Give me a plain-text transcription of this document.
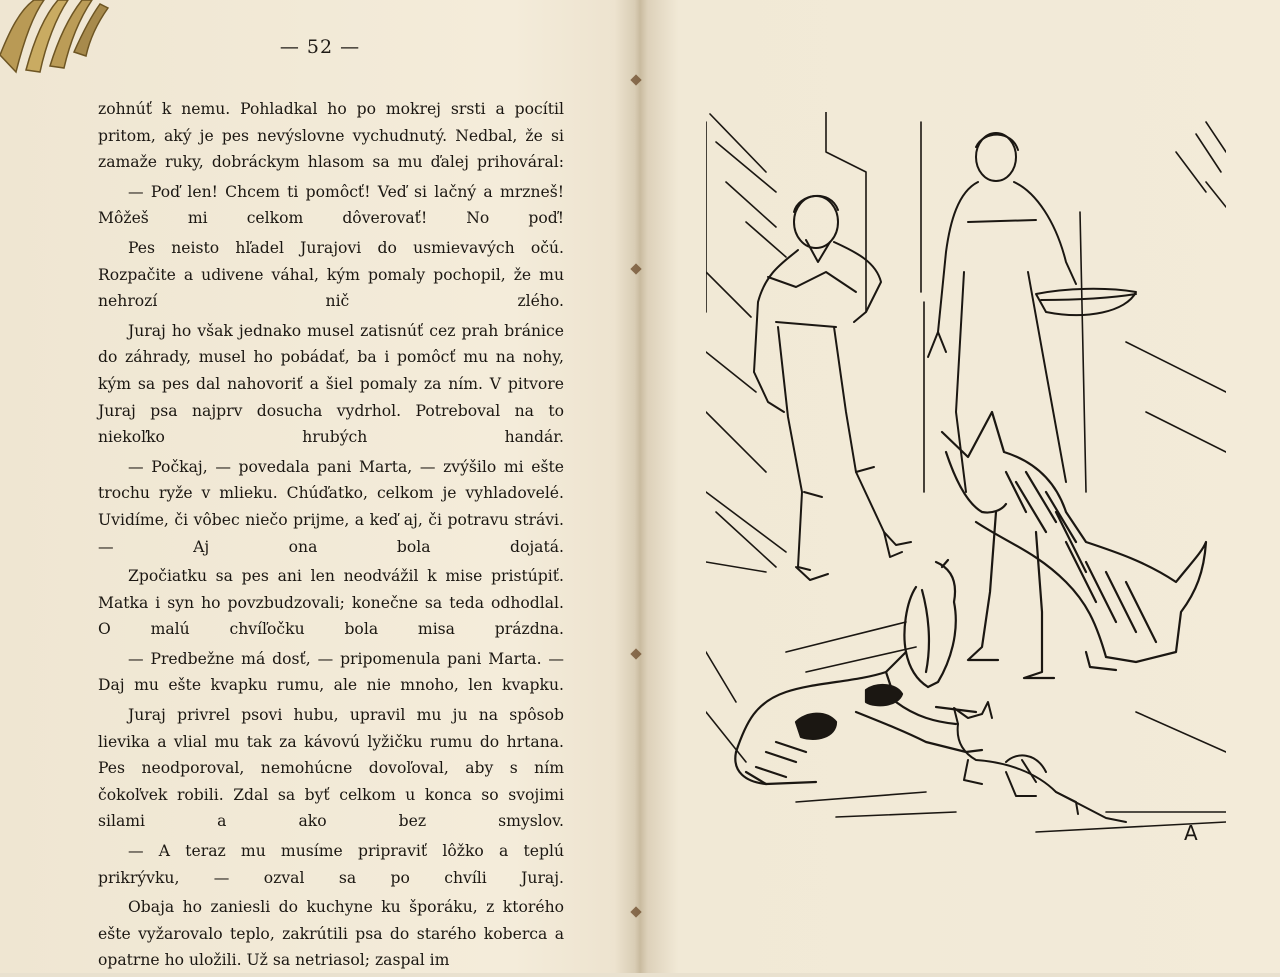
— 52 —

zohnúť k nemu. Pohladkal ho po mokrej srsti a pocítil pritom, aký je pes nevýslovne vychudnutý. Nedbal, že si zamaže ruky, dobráckym hlasom sa mu ďalej prihováral:

— Poď len! Chcem ti pomôcť! Veď si lačný a mrzneš! Môžeš mi celkom dôverovať! No poď!

Pes neisto hľadel Jurajovi do usmievavých očú. Rozpačite a udivene váhal, kým pomaly pochopil, že mu nehrozí nič zlého.

Juraj ho však jednako musel zatisnúť cez prah bránice do záhrady, musel ho pobádať, ba i pomôcť mu na nohy, kým sa pes dal nahovoriť a šiel pomaly za ním. V pitvore Juraj psa najprv dosucha vydrhol. Potreboval na to niekoľko hrubých handár.

— Počkaj, — povedala pani Marta, — zvýšilo mi ešte trochu ryže v mlieku. Chúďatko, celkom je vyhladovelé. Uvidíme, či vôbec niečo prijme, a keď aj, či potravu strávi. — Aj ona bola dojatá.

Zpočiatku sa pes ani len neodvážil k mise pristúpiť. Matka i syn ho povzbudzovali; konečne sa teda odhodlal. O malú chvíľočku bola misa prázdna.

— Predbežne má dosť, — pripomenula pani Marta. — Daj mu ešte kvapku rumu, ale nie mnoho, len kvapku.

Juraj privrel psovi hubu, upravil mu ju na spôsob lievika a vlial mu tak za kávovú lyžičku rumu do hrtana. Pes neodporoval, nemohúcne dovoľoval, aby s ním čokoľvek robili. Zdal sa byť celkom u konca so svojimi silami a ako bez smyslov.

— A teraz mu musíme pripraviť lôžko a teplú prikrývku, — ozval sa po chvíli Juraj.

Obaja ho zaniesli do kuchyne ku šporáku, z ktorého ešte vyžarovalo teplo, zakrútili psa do starého koberca a opatrne ho uložili. Už sa netriasol; zaspal im

A
